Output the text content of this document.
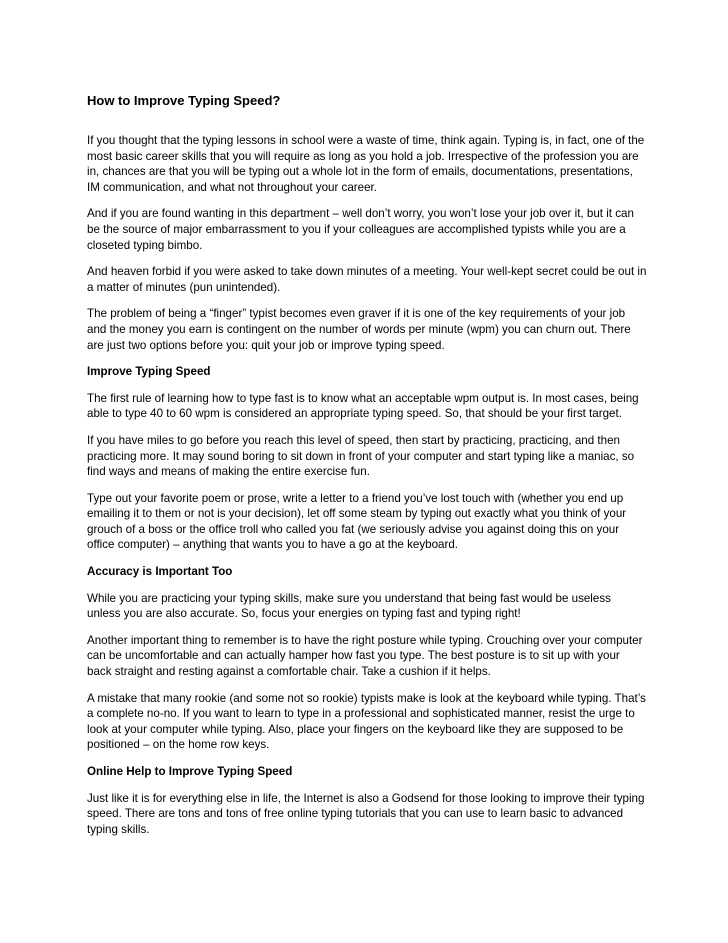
How to Improve Typing Speed?

If you thought that the typing lessons in school were a waste of time, think again. Typing is, in fact, one of the most basic career skills that you will require as long as you hold a job. Irrespective of the profession you are in, chances are that you will be typing out a whole lot in the form of emails, documentations, presentations, IM communication, and what not throughout your career.

And if you are found wanting in this department – well don’t worry, you won’t lose your job over it, but it can be the source of major embarrassment to you if your colleagues are accomplished typists while you are a closeted typing bimbo.

And heaven forbid if you were asked to take down minutes of a meeting. Your well-kept secret could be out in a matter of minutes (pun unintended).

The problem of being a “finger” typist becomes even graver if it is one of the key requirements of your job and the money you earn is contingent on the number of words per minute (wpm) you can churn out. There are just two options before you: quit your job or improve typing speed.

Improve Typing Speed

The first rule of learning how to type fast is to know what an acceptable wpm output is. In most cases, being able to type 40 to 60 wpm is considered an appropriate typing speed. So, that should be your first target.

If you have miles to go before you reach this level of speed, then start by practicing, practicing, and then practicing more. It may sound boring to sit down in front of your computer and start typing like a maniac, so find ways and means of making the entire exercise fun.

Type out your favorite poem or prose, write a letter to a friend you’ve lost touch with (whether you end up emailing it to them or not is your decision), let off some steam by typing out exactly what you think of your grouch of a boss or the office troll who called you fat (we seriously advise you against doing this on your office computer) – anything that wants you to have a go at the keyboard.

Accuracy is Important Too

While you are practicing your typing skills, make sure you understand that being fast would be useless unless you are also accurate. So, focus your energies on typing fast and typing right!

Another important thing to remember is to have the right posture while typing. Crouching over your computer can be uncomfortable and can actually hamper how fast you type. The best posture is to sit up with your back straight and resting against a comfortable chair. Take a cushion if it helps.

A mistake that many rookie (and some not so rookie) typists make is look at the keyboard while typing. That’s a complete no-no. If you want to learn to type in a professional and sophisticated manner, resist the urge to look at your computer while typing. Also, place your fingers on the keyboard like they are supposed to be positioned – on the home row keys.

Online Help to Improve Typing Speed

Just like it is for everything else in life, the Internet is also a Godsend for those looking to improve their typing speed. There are tons and tons of free online typing tutorials that you can use to learn basic to advanced typing skills.
